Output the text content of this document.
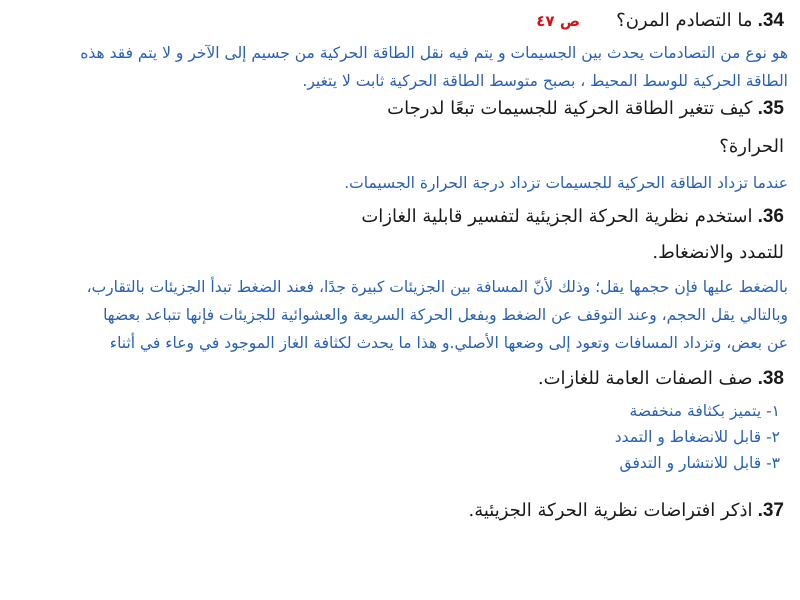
34. ما التصادم المرن؟
ص ٤٧
هو نوع من التصادمات يحدث بين الجسيمات و يتم فيه نقل الطاقة الحركية من جسيم إلى الآخر و لا يتم فقد هذه
الطاقة الحركية للوسط المحيط ، بصبح متوسط الطاقة الحركية ثابت لا يتغير.
35. كيف تتغير الطاقة الحركية للجسيمات تبعًا لدرجات
الحرارة؟
عندما تزداد الطاقة الحركية للجسيمات تزداد درجة الحرارة الجسيمات.
36. استخدم نظرية الحركة الجزيئية لتفسير قابلية الغازات
للتمدد والانضغاط.
بالضغط عليها فإن حجمها يقل؛ وذلك لأنّ المسافة بين الجزيئات كبيرة جدًا، فعند الضغط تبدأ الجزيئات بالتقارب،
وبالتالي يقل الحجم، وعند التوقف عن الضغط وبفعل الحركة السريعة والعشوائية للجزيئات فإنها تتباعد بعضها
عن بعض، وتزداد المسافات وتعود إلى وضعها الأصلي.و هذا ما يحدث لكثافة الغاز الموجود في وعاء في أثناء
38. صف الصفات العامة للغازات.
١- يتميز بكثافة منخفضة
٢- قابل للانضغاط و التمدد
٣- قابل للانتشار و التدفق
37. اذكر افتراضات نظرية الحركة الجزيئية.
